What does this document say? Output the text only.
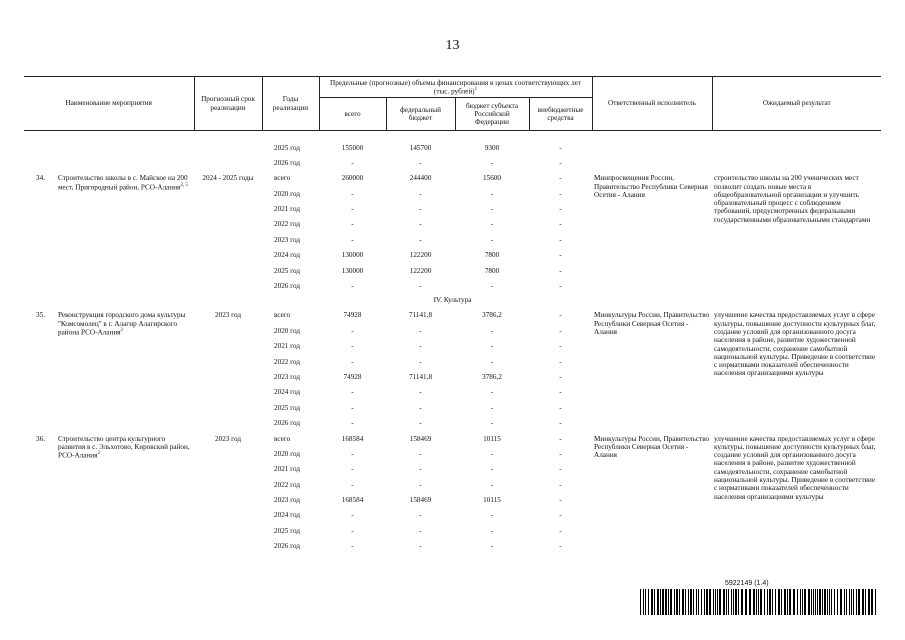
13
Наименование мероприятия	Прогнозный срок реализации	Годы реализации	Предельные (прогнозные) объемы финансирования в ценах соответствующих лет (тыс. рублей)$^1$				Ответственный исполнитель	Ожидаемый результат
			всего	федеральный бюджет	бюджет субъекта Российской Федерации	внебюджетные средства		

		2025 год	155000	145700	9300	-		
		2026 год	-	-	-	-		
34. Строительство школы в с. Майское на 200 мест, Пригородный район, РСО-Алания$^{2, 5}$	2024 - 2025 годы	всего	260000	244400	15600	-	Минпросвещения России, Правительство Республики Северная Осетия - Алания	строительство школы на 200 ученических мест позволит создать новые места в общеобразовательной организации и улучшить образовательный процесс с соблюдением требований, предусмотренных федеральными государственными образовательными стандартами
		2020 год	-	-	-	-		
		2021 год	-	-	-	-		
		2022 год	-	-	-	-		
		2023 год	-	-	-	-		
		2024 год	130000	122200	7800	-		
		2025 год	130000	122200	7800	-		
		2026 год	-	-	-	-		
IV. Культура								
35. Реконструкция городского дома культуры "Комсомолец" в г. Алагир Алагирского района РСО-Алания$^2$	2023 год	всего	74928	71141,8	3786,2	-	Минкультуры России, Правительство Республики Северная Осетия - Алания	улучшение качества предоставляемых услуг в сфере культуры, повышение доступности культурных благ, создание условий для организованного досуга населения в районе, развитие художественной самодеятельности, сохранение самобытной национальной культуры. Приведение в соответствие с нормативами показателей обеспеченности населения организациями культуры
		2020 год	-	-	-	-		
		2021 год	-	-	-	-		
		2022 год	-	-	-	-		
		2023 год	74928	71141,8	3786,2	-		
		2024 год	-	-	-	-		
		2025 год	-	-	-	-		
		2026 год	-	-	-	-		
36. Строительство центра культурного развития в с. Эльхотово, Кировский район, РСО-Алания$^2$	2023 год	всего	168584	158469	10115	-	Минкультуры России, Правительство Республики Северная Осетия - Алания	улучшение качества предоставляемых услуг в сфере культуры, повышение доступности культурных благ, создание условий для организованного досуга населения в районе, развитие художественной самодеятельности, сохранение самобытной национальной культуры. Приведение в соответствие с нормативами показателей обеспеченности населения организациями культуры
		2020 год	-	-	-	-		
		2021 год	-	-	-	-		
		2022 год	-	-	-	-		
		2023 год	168584	158469	10115	-		
		2024 год	-	-	-	-		
		2025 год	-	-	-	-		
		2026 год	-	-	-	-		
5922149 (1.4)
